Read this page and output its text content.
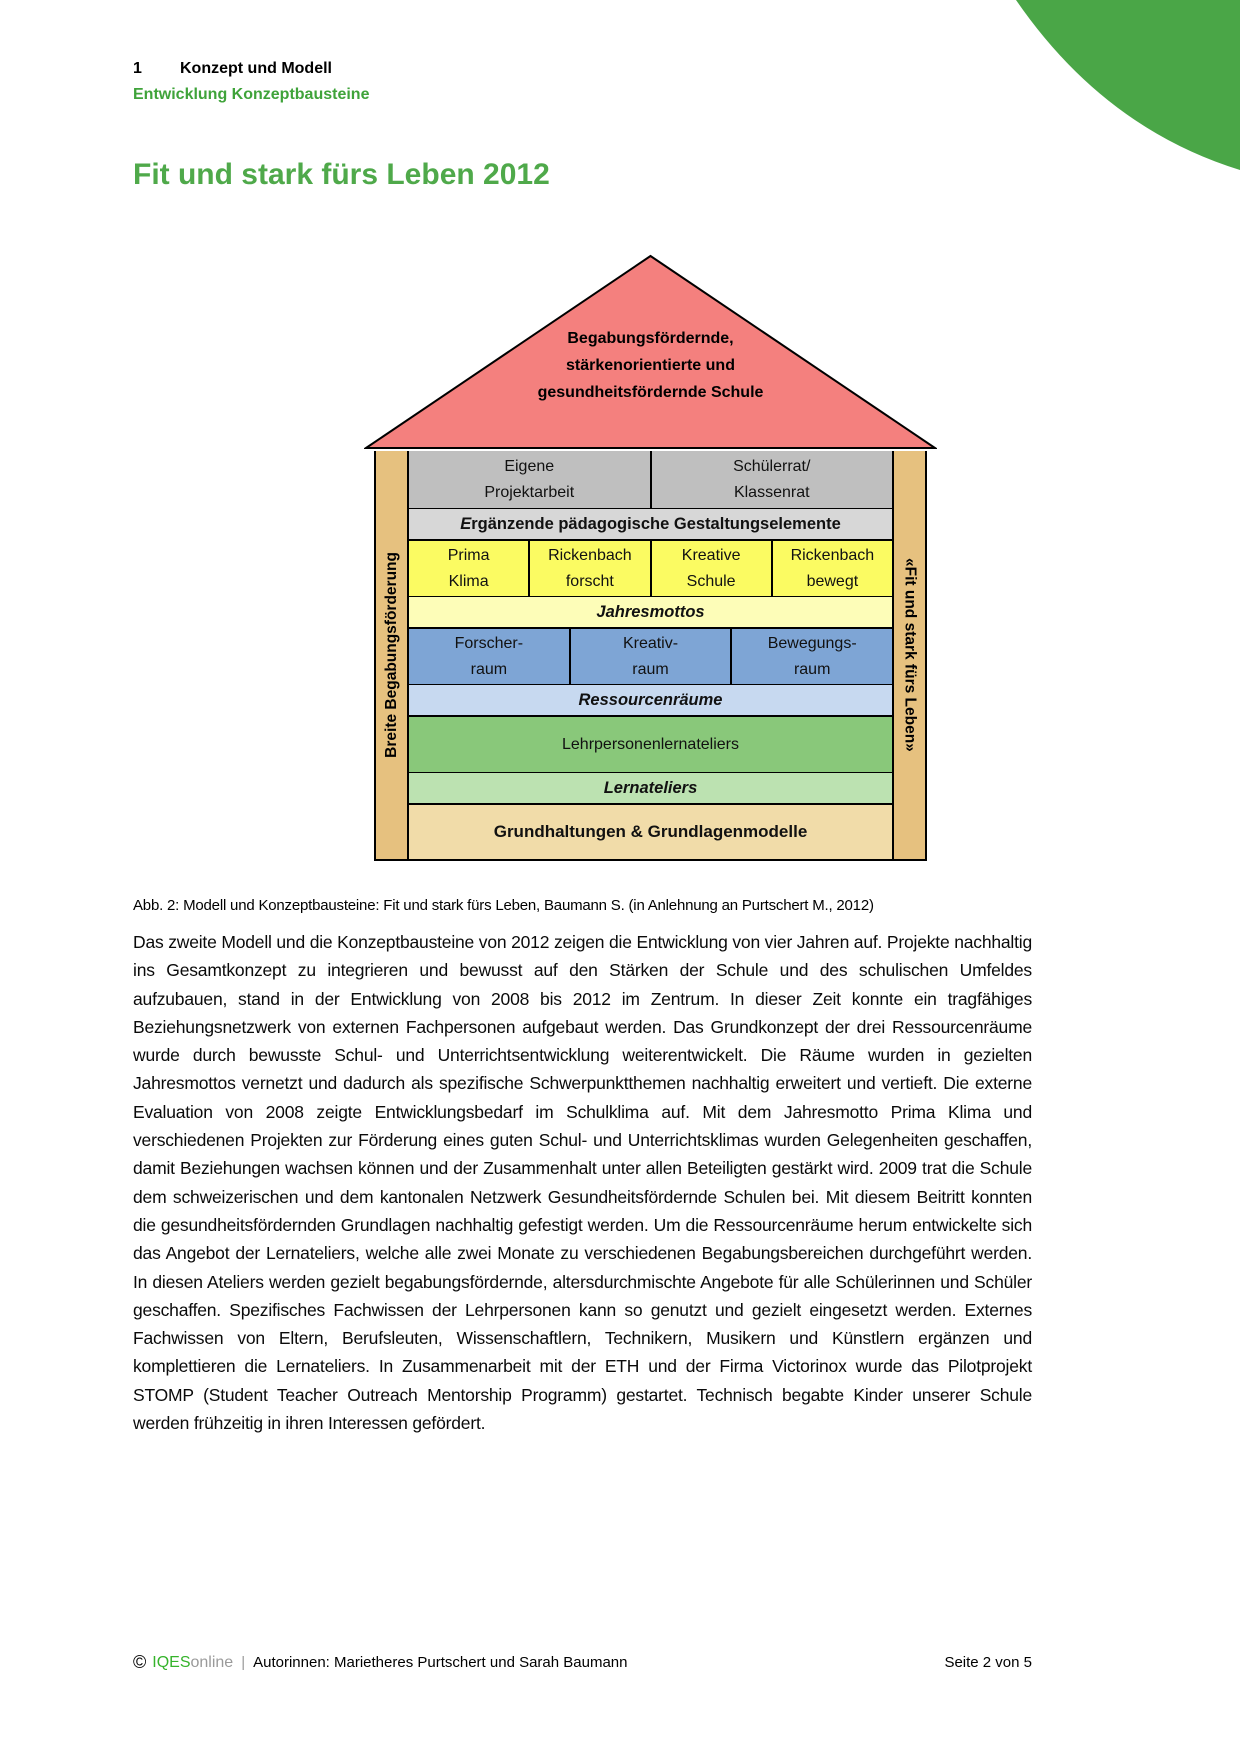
1 Konzept und Modell
Entwicklung Konzeptbausteine
Fit und stark fürs Leben 2012
Begabungsfördernde,
stärkenorientierte und
gesundheitsfördernde Schule
Breite Begabungsförderung
Eigene
Projektarbeit
Schülerrat/
Klassenrat
Ergänzende pädagogische Gestaltungselemente
Prima
Klima
Rickenbach
forscht
Kreative
Schule
Rickenbach
bewegt
Jahresmottos
Forscher-
raum
Kreativ-
raum
Bewegungs-
raum
Ressourcenräume
Lehrpersonenlernateliers
Lernateliers
Grundhaltungen & Grundlagenmodelle
«Fit und stark fürs Leben»
Abb. 2: Modell und Konzeptbausteine: Fit und stark fürs Leben, Baumann S. (in Anlehnung an Purtschert M., 2012)
Das zweite Modell und die Konzeptbausteine von 2012 zeigen die Entwicklung von vier Jahren auf. Projekte nachhaltig ins Gesamtkonzept zu integrieren und bewusst auf den Stärken der Schule und des schulischen Umfeldes aufzubauen, stand in der Entwicklung von 2008 bis 2012 im Zentrum. In dieser Zeit konnte ein tragfähiges Beziehungsnetzwerk von externen Fachpersonen aufgebaut werden. Das Grundkonzept der drei Ressourcenräume wurde durch bewusste Schul- und Unterrichtsentwicklung weiterentwickelt. Die Räume wurden in gezielten Jahresmottos vernetzt und dadurch als spezifische Schwerpunktthemen nachhaltig erweitert und vertieft. Die externe Evaluation von 2008 zeigte Entwicklungsbedarf im Schulklima auf. Mit dem Jahresmotto Prima Klima und verschiedenen Projekten zur Förderung eines guten Schul- und Unterrichtsklimas wurden Gelegenheiten geschaffen, damit Beziehungen wachsen können und der Zusammenhalt unter allen Beteiligten gestärkt wird. 2009 trat die Schule dem schweizerischen und dem kantonalen Netzwerk Gesundheitsfördernde Schulen bei. Mit diesem Beitritt konnten die gesundheitsfördernden Grundlagen nachhaltig gefestigt werden. Um die Ressourcenräume herum entwickelte sich das Angebot der Lernateliers, welche alle zwei Monate zu verschiedenen Begabungsbereichen durchgeführt werden. In diesen Ateliers werden gezielt begabungsfördernde, altersdurchmischte Angebote für alle Schülerinnen und Schüler geschaffen. Spezifisches Fachwissen der Lehrpersonen kann so genutzt und gezielt eingesetzt werden. Externes Fachwissen von Eltern, Berufsleuten, Wissenschaftlern, Technikern, Musikern und Künstlern ergänzen und komplettieren die Lernateliers. In Zusammenarbeit mit der ETH und der Firma Victorinox wurde das Pilotprojekt STOMP (Student Teacher Outreach Mentorship Programm) gestartet. Technisch begabte Kinder unserer Schule werden frühzeitig in ihren Interessen gefördert.
© IQESonline | Autorinnen: Marietheres Purtschert und Sarah Baumann	Seite 2 von 5
